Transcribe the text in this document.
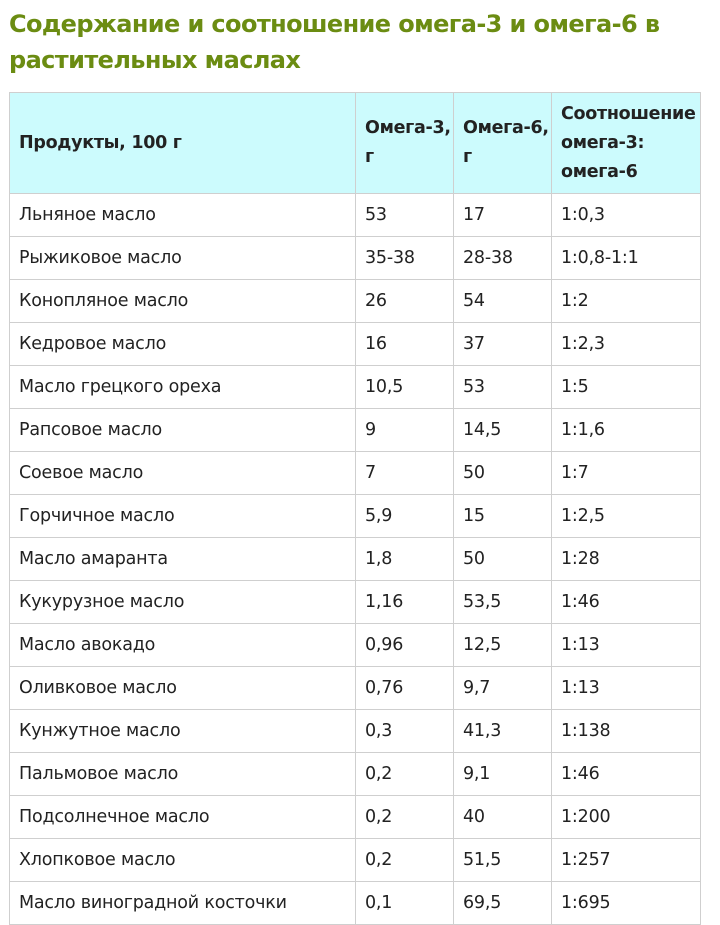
Содержание и соотношение омега-3 и омега-6 в растительных маслах
Продукты, 100 г	Омега-3, г	Омега-6, г	Соотношение омега-3: омега-6
Льняное масло	53	17	1:0,3
Рыжиковое масло	35-38	28-38	1:0,8-1:1
Конопляное масло	26	54	1:2
Кедровое масло	16	37	1:2,3
Масло грецкого ореха	10,5	53	1:5
Рапсовое масло	9	14,5	1:1,6
Соевое масло	7	50	1:7
Горчичное масло	5,9	15	1:2,5
Масло амаранта	1,8	50	1:28
Кукурузное масло	1,16	53,5	1:46
Масло авокадо	0,96	12,5	1:13
Оливковое масло	0,76	9,7	1:13
Кунжутное масло	0,3	41,3	1:138
Пальмовое масло	0,2	9,1	1:46
Подсолнечное масло	0,2	40	1:200
Хлопковое масло	0,2	51,5	1:257
Масло виноградной косточки	0,1	69,5	1:695
